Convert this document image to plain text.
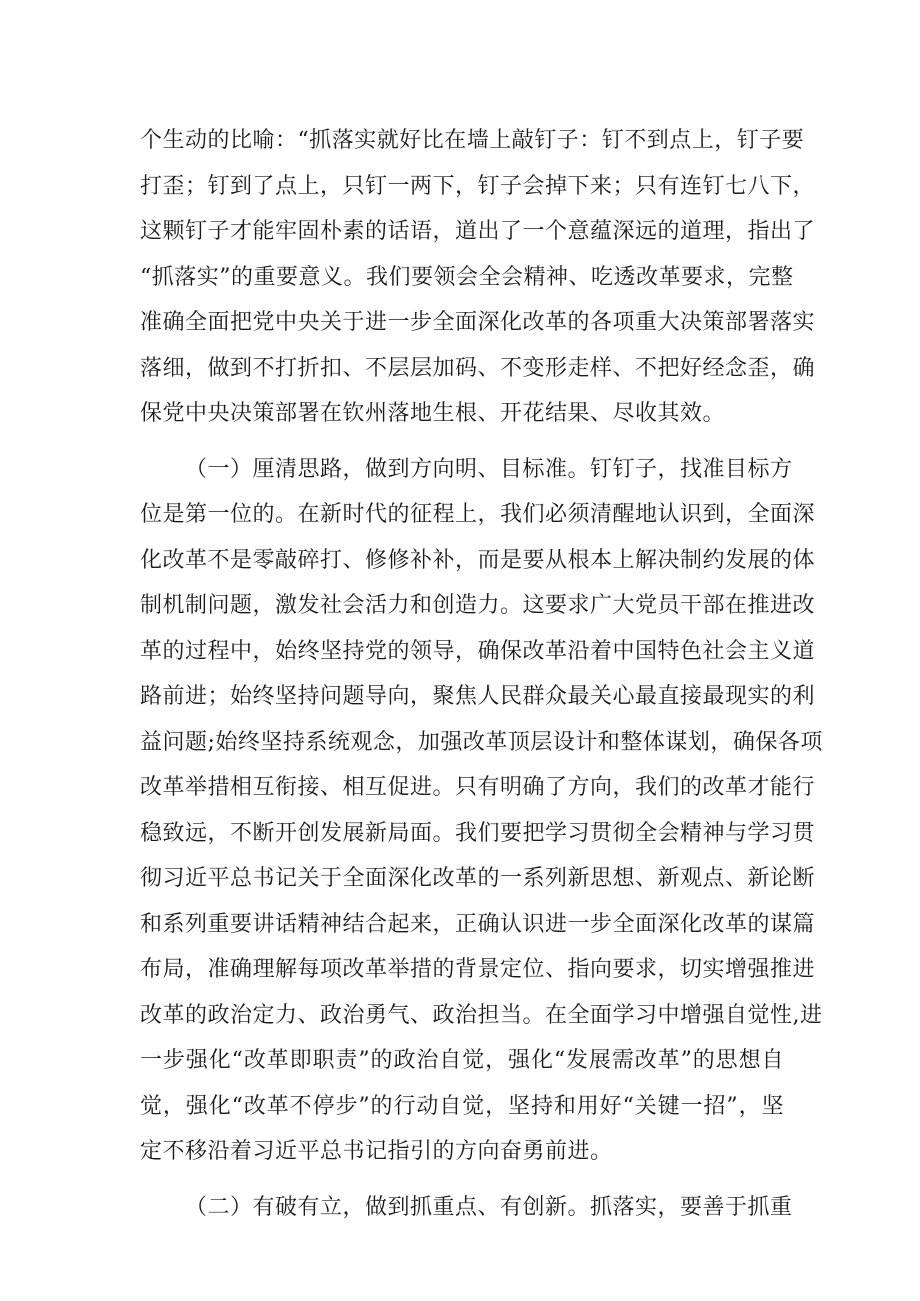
个生动的比喻：“抓落实就好比在墙上敲钉子：钉不到点上，钉子要
打歪；钉到了点上，只钉一两下，钉子会掉下来；只有连钉七八下，
这颗钉子才能牢固朴素的话语，道出了一个意蕴深远的道理，指出了
“抓落实”的重要意义。我们要领会全会精神、吃透改革要求，完整
准确全面把党中央关于进一步全面深化改革的各项重大决策部署落实
落细，做到不打折扣、不层层加码、不变形走样、不把好经念歪，确
保党中央决策部署在钦州落地生根、开花结果、尽收其效。
（一）厘清思路，做到方向明、目标准。钉钉子，找准目标方
位是第一位的。在新时代的征程上，我们必须清醒地认识到，全面深
化改革不是零敲碎打、修修补补，而是要从根本上解决制约发展的体
制机制问题，激发社会活力和创造力。这要求广大党员干部在推进改
革的过程中，始终坚持党的领导，确保改革沿着中国特色社会主义道
路前进；始终坚持问题导向，聚焦人民群众最关心最直接最现实的利
益问题;始终坚持系统观念，加强改革顶层设计和整体谋划，确保各项
改革举措相互衔接、相互促进。只有明确了方向，我们的改革才能行
稳致远，不断开创发展新局面。我们要把学习贯彻全会精神与学习贯
彻习近平总书记关于全面深化改革的一系列新思想、新观点、新论断
和系列重要讲话精神结合起来，正确认识进一步全面深化改革的谋篇
布局，准确理解每项改革举措的背景定位、指向要求，切实增强推进
改革的政治定力、政治勇气、政治担当。在全面学习中增强自觉性,进
一步强化“改革即职责”的政治自觉，强化“发展需改革”的思想自
觉，强化“改革不停步”的行动自觉，坚持和用好“关键一招”，坚
定不移沿着习近平总书记指引的方向奋勇前进。
（二）有破有立，做到抓重点、有创新。抓落实，要善于抓重
